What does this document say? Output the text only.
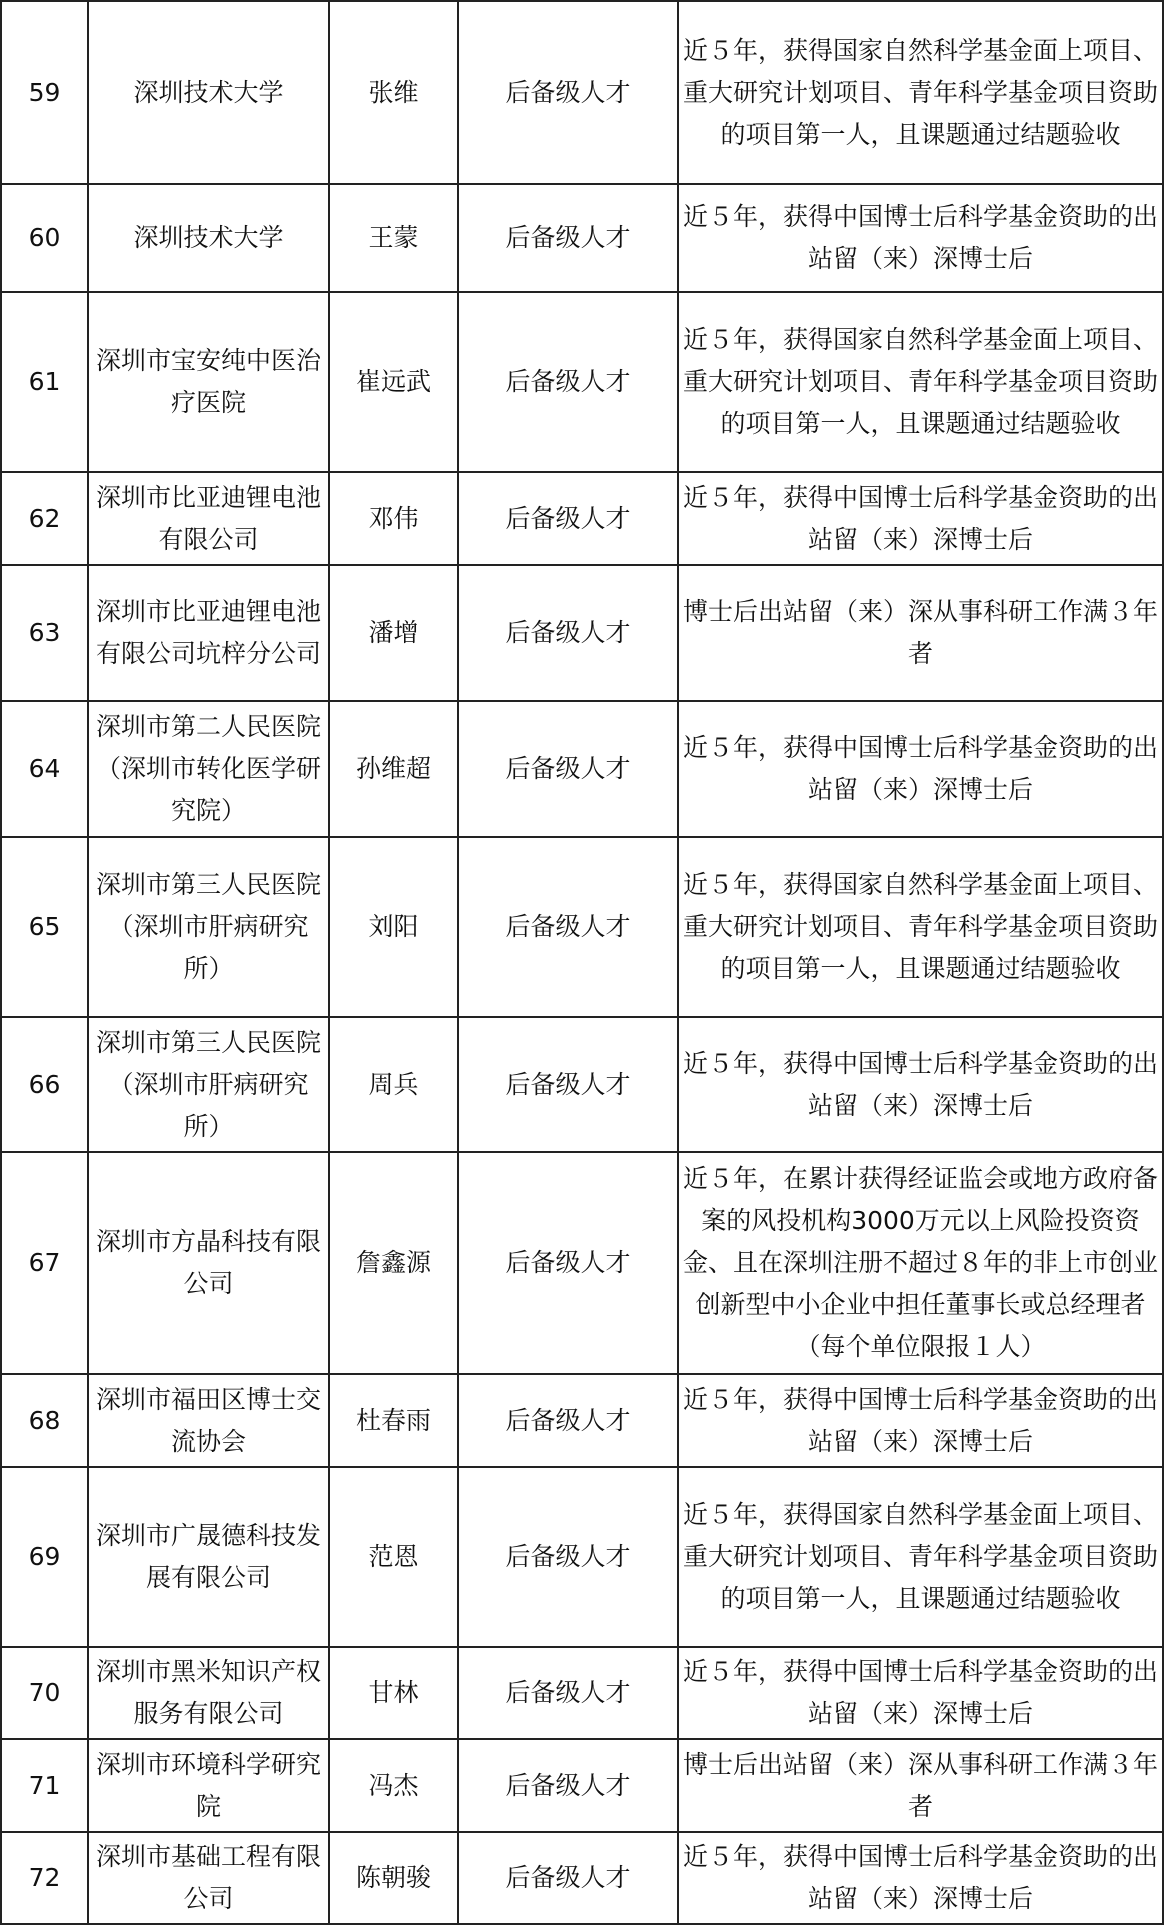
59	深圳技术大学	张维	后备级人才	近５年，获得国家自然科学基金面上项目、重大研究计划项目、青年科学基金项目资助的项目第一人，且课题通过结题验收
60	深圳技术大学	王蒙	后备级人才	近５年，获得中国博士后科学基金资助的出站留（来）深博士后
61	深圳市宝安纯中医治疗医院	崔远武	后备级人才	近５年，获得国家自然科学基金面上项目、重大研究计划项目、青年科学基金项目资助的项目第一人，且课题通过结题验收
62	深圳市比亚迪锂电池有限公司	邓伟	后备级人才	近５年，获得中国博士后科学基金资助的出站留（来）深博士后
63	深圳市比亚迪锂电池有限公司坑梓分公司	潘增	后备级人才	博士后出站留（来）深从事科研工作满３年者
64	深圳市第二人民医院（深圳市转化医学研究院）	孙维超	后备级人才	近５年，获得中国博士后科学基金资助的出站留（来）深博士后
65	深圳市第三人民医院（深圳市肝病研究所）	刘阳	后备级人才	近５年，获得国家自然科学基金面上项目、重大研究计划项目、青年科学基金项目资助的项目第一人，且课题通过结题验收
66	深圳市第三人民医院（深圳市肝病研究所）	周兵	后备级人才	近５年，获得中国博士后科学基金资助的出站留（来）深博士后
67	深圳市方晶科技有限公司	詹鑫源	后备级人才	近５年，在累计获得经证监会或地方政府备案的风投机构3000万元以上风险投资资金、且在深圳注册不超过８年的非上市创业创新型中小企业中担任董事长或总经理者（每个单位限报１人）
68	深圳市福田区博士交流协会	杜春雨	后备级人才	近５年，获得中国博士后科学基金资助的出站留（来）深博士后
69	深圳市广晟德科技发展有限公司	范恩	后备级人才	近５年，获得国家自然科学基金面上项目、重大研究计划项目、青年科学基金项目资助的项目第一人，且课题通过结题验收
70	深圳市黑米知识产权服务有限公司	甘林	后备级人才	近５年，获得中国博士后科学基金资助的出站留（来）深博士后
71	深圳市环境科学研究院	冯杰	后备级人才	博士后出站留（来）深从事科研工作满３年者
72	深圳市基础工程有限公司	陈朝骏	后备级人才	近５年，获得中国博士后科学基金资助的出站留（来）深博士后
